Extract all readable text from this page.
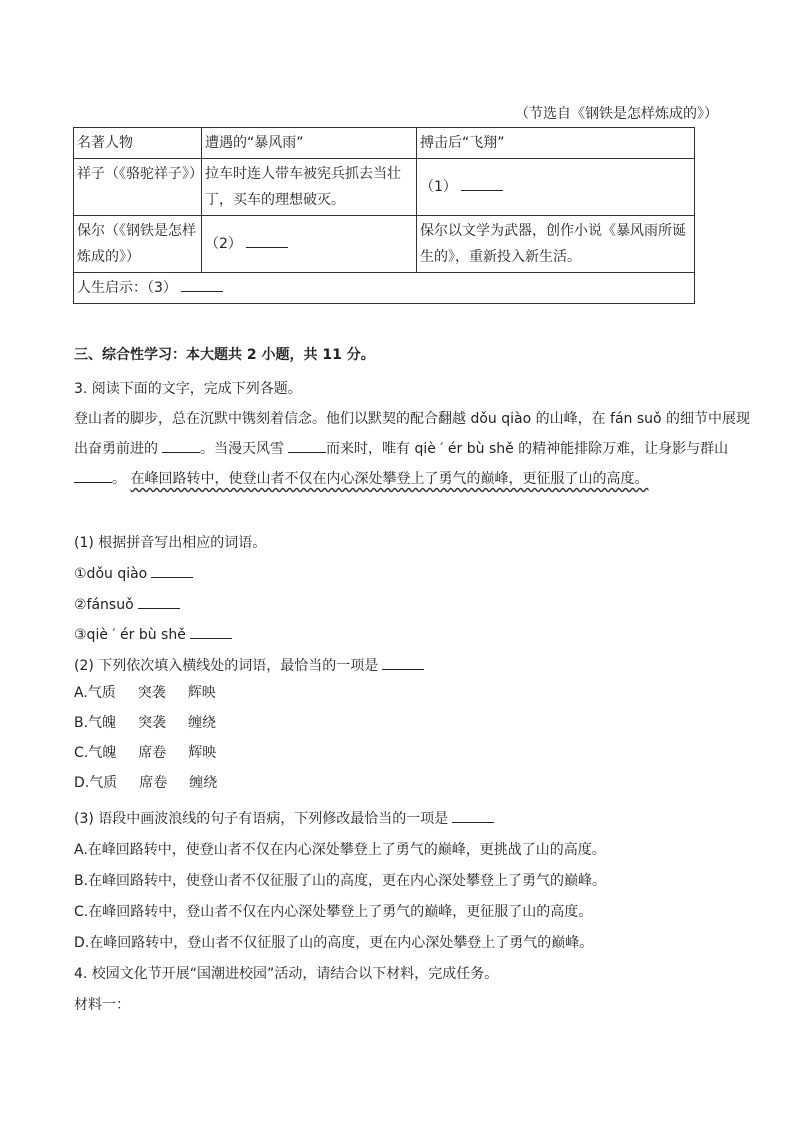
（节选自《钢铁是怎样炼成的》）
名著人物	遭遇的“暴风雨”	搏击后“飞翔”
祥子（《骆驼祥子》）	拉车时连人带车被宪兵抓去当壮丁，买车的理想破灭。	（1）
保尔（《钢铁是怎样炼成的》）	（2）	保尔以文学为武器，创作小说《暴风雨所诞生的》，重新投入新生活。
人生启示：（3）		
三、综合性学习：本大题共 2 小题，共 11 分。
3. 阅读下面的文字，完成下列各题。
登山者的脚步，总在沉默中镌刻着信念。他们以默契的配合翻越 dǒu qiào 的山峰，在 fán suǒ 的细节中展现
出奋勇前进的	。当漫天风雪	而来时，唯有 qiè ′ ér bù shě 的精神能排除万难，让身影与群山
。 在峰回路转中，使登山者不仅在内心深处攀登上了勇气的巅峰，更征服了山的高度。
(1) 根据拼音写出相应的词语。
①dǒu qiào
②fánsuǒ
③qiè ′ ér bù shě
(2) 下列依次填入横线处的词语，最恰当的一项是
A.气质 突袭 辉映
B.气魄 突袭 缠绕
C.气魄 席卷 辉映
D.气质 席卷 缠绕
(3) 语段中画波浪线的句子有语病，下列修改最恰当的一项是
A.在峰回路转中，使登山者不仅在内心深处攀登上了勇气的巅峰，更挑战了山的高度。
B.在峰回路转中，使登山者不仅征服了山的高度，更在内心深处攀登上了勇气的巅峰。
C.在峰回路转中，登山者不仅在内心深处攀登上了勇气的巅峰，更征服了山的高度。
D.在峰回路转中，登山者不仅征服了山的高度，更在内心深处攀登上了勇气的巅峰。
4. 校园文化节开展“国潮进校园”活动，请结合以下材料，完成任务。
材料一：
